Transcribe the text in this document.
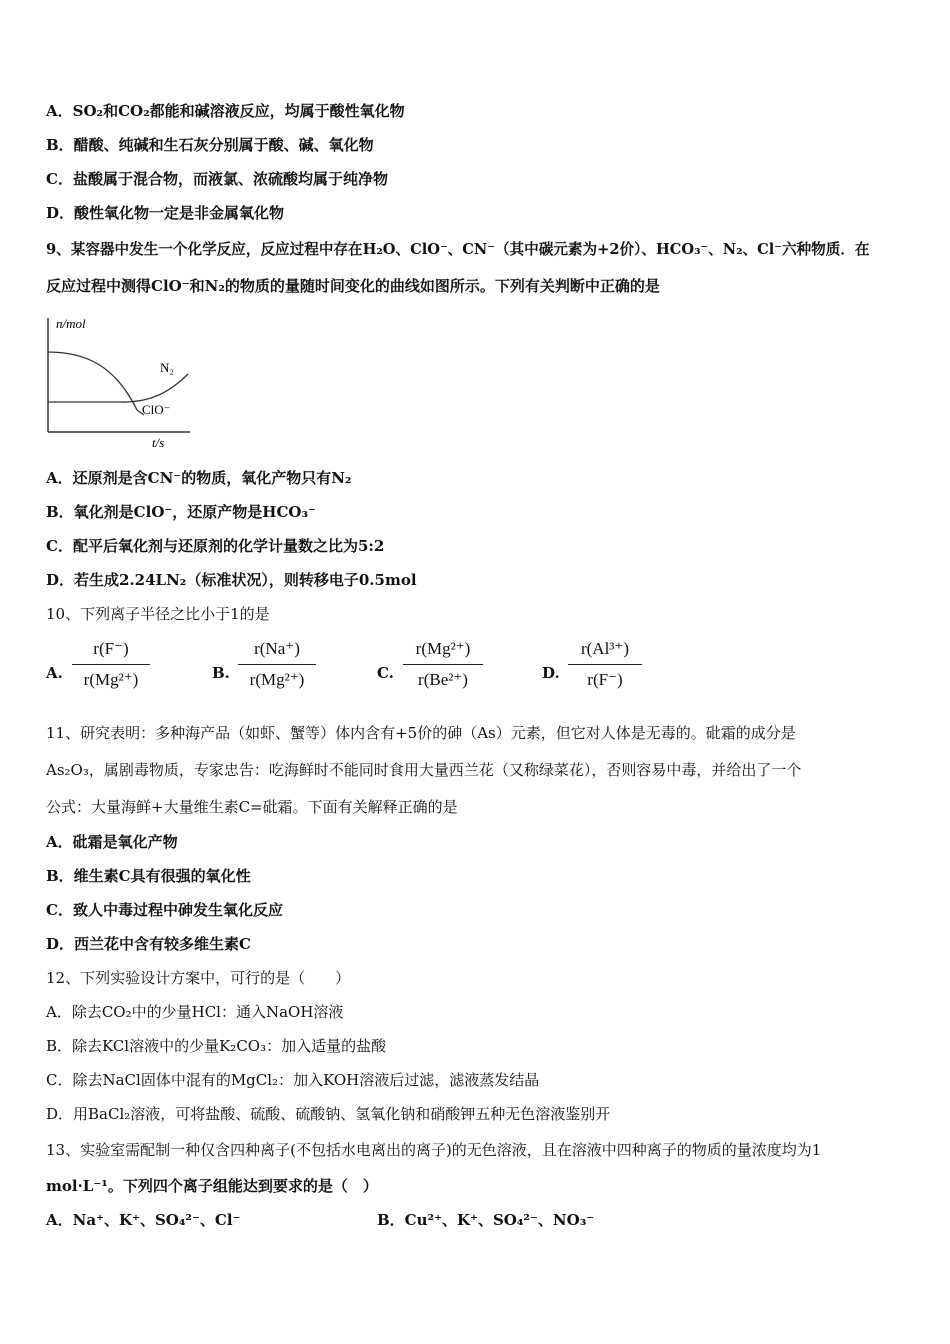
A．SO₂和CO₂都能和碱溶液反应，均属于酸性氧化物
B．醋酸、纯碱和生石灰分别属于酸、碱、氧化物
C．盐酸属于混合物，而液氯、浓硫酸均属于纯净物
D．酸性氧化物一定是非金属氧化物
9、某容器中发生一个化学反应，反应过程中存在H₂O、ClO⁻、CN⁻（其中碳元素为+2价）、HCO₃⁻、N₂、Cl⁻六种物质．在
反应过程中测得ClO⁻和N₂的物质的量随时间变化的曲线如图所示。下列有关判断中正确的是
n/mol
t/s
N₂
ClO⁻
A．还原剂是含CN⁻的物质，氧化产物只有N₂
B．氧化剂是ClO⁻，还原产物是HCO₃⁻
C．配平后氧化剂与还原剂的化学计量数之比为5:2
D．若生成2.24LN₂（标准状况），则转移电子0.5mol
10、下列离子半径之比小于1的是
A.
r(F⁻)
r(Mg²⁺)	B.
r(Na⁺)
r(Mg²⁺)	C.
r(Mg²⁺)
r(Be²⁺)	D.
r(Al³⁺)
r(F⁻)
11、研究表明：多种海产品（如虾、蟹等）体内含有+5价的砷（As）元素，但它对人体是无毒的。砒霜的成分是
As₂O₃，属剧毒物质，专家忠告：吃海鲜时不能同时食用大量西兰花（又称绿菜花），否则容易中毒，并给出了一个
公式：大量海鲜+大量维生素C=砒霜。下面有关解释正确的是
A．砒霜是氧化产物
B．维生素C具有很强的氧化性
C．致人中毒过程中砷发生氧化反应
D．西兰花中含有较多维生素C
12、下列实验设计方案中，可行的是（　　）
A．除去CO₂中的少量HCl：通入NaOH溶液
B．除去KCl溶液中的少量K₂CO₃：加入适量的盐酸
C．除去NaCl固体中混有的MgCl₂：加入KOH溶液后过滤，滤液蒸发结晶
D．用BaCl₂溶液，可将盐酸、硫酸、硫酸钠、氢氧化钠和硝酸钾五种无色溶液鉴别开
13、实验室需配制一种仅含四种离子(不包括水电离出的离子)的无色溶液，且在溶液中四种离子的物质的量浓度均为1
mol·L⁻¹。下列四个离子组能达到要求的是（　）
A．Na⁺、K⁺、SO₄²⁻、Cl⁻	B．Cu²⁺、K⁺、SO₄²⁻、NO₃⁻
